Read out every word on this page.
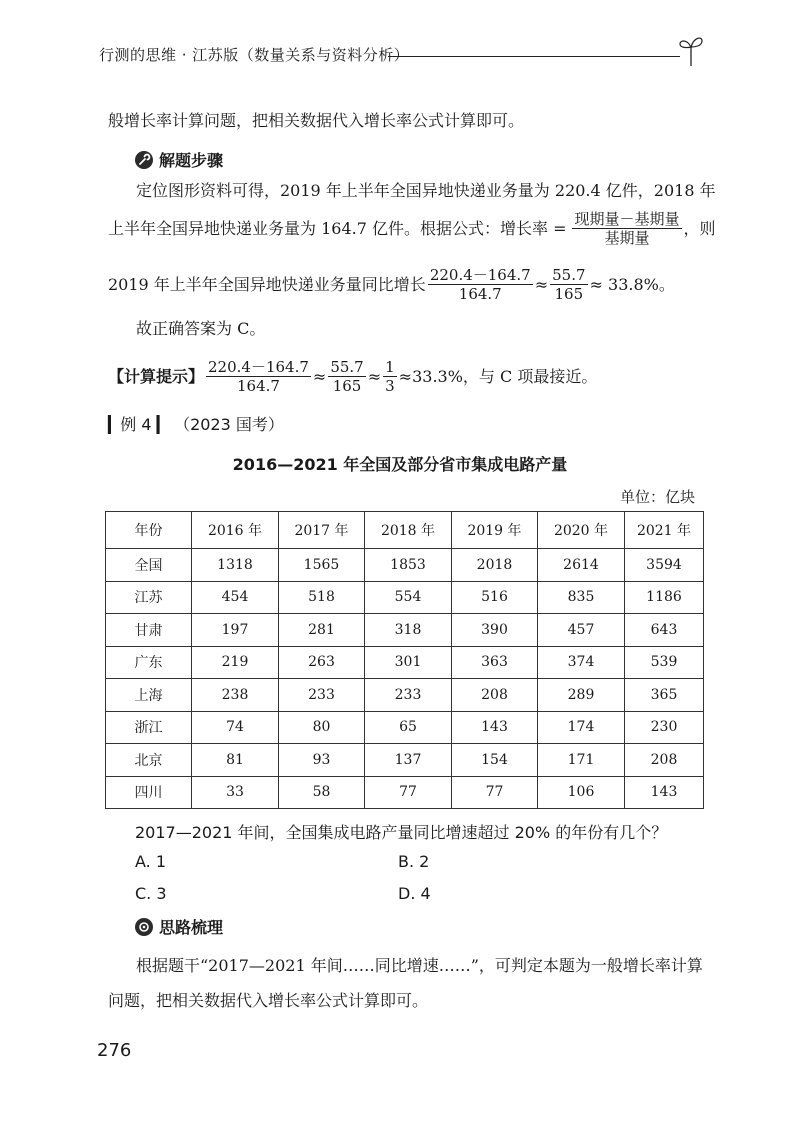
行测的思维 · 江苏版（数量关系与资料分析）
般增长率计算问题，把相关数据代入增长率公式计算即可。
解题步骤
定位图形资料可得，2019 年上半年全国异地快递业务量为 220.4 亿件，2018 年
上半年全国异地快递业务量为 164.7 亿件。根据公式：增长率 = $\frac{\text{现期量－基期量}}{\text{基期量}}$ ，则
2019 年上半年全国异地快递业务量同比增长 $\frac{220.4-164.7}{164.7} \approx \frac{55.7}{165} \approx 33.8\%$。
故正确答案为 C。
【计算提示】 $\frac{220.4-164.7}{164.7} \approx \frac{55.7}{165} \approx \frac{1}{3} \approx 33.3\%$，与 C 项最接近。
▎例 4 ▎ （2023 国考）
2016—2021 年全国及部分省市集成电路产量
单位：亿块
年份	2016 年	2017 年	2018 年	2019 年	2020 年	2021 年
全国	1318	1565	1853	2018	2614	3594
江苏	454	518	554	516	835	1186
甘肃	197	281	318	390	457	643
广东	219	263	301	363	374	539
上海	238	233	233	208	289	365
浙江	74	80	65	143	174	230
北京	81	93	137	154	171	208
四川	33	58	77	77	106	143
2017—2021 年间，全国集成电路产量同比增速超过 20% 的年份有几个？
A. 1	B. 2
C. 3	D. 4
思路梳理
根据题干“2017—2021 年间……同比增速……”，可判定本题为一般增长率计算
问题，把相关数据代入增长率公式计算即可。
276
